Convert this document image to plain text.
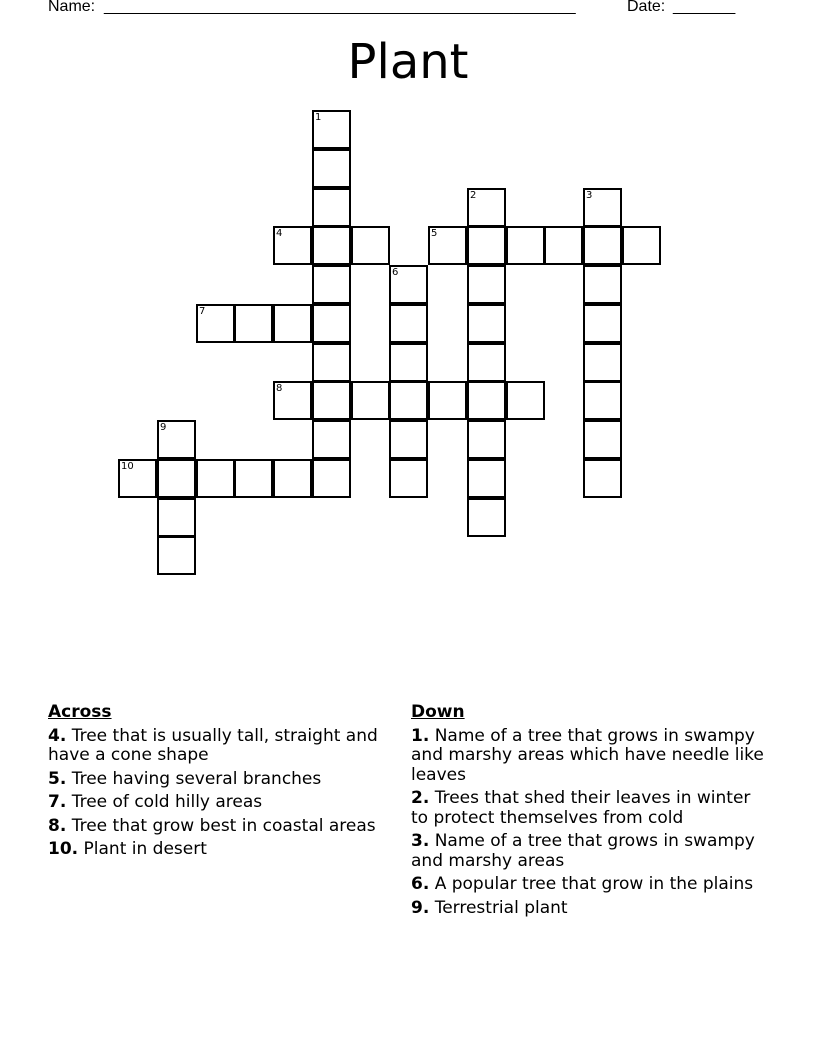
Name: _____________________________________________________	Date: _______
Plant
1
2	3
4	5
6
7
8
9
10
Across
4. Tree that is usually tall, straight and have a cone shape
5. Tree having several branches
7. Tree of cold hilly areas
8. Tree that grow best in coastal areas
10. Plant in desert
Down
1. Name of a tree that grows in swampy and marshy areas which have needle like leaves
2. Trees that shed their leaves in winter to protect themselves from cold
3. Name of a tree that grows in swampy and marshy areas
6. A popular tree that grow in the plains
9. Terrestrial plant
